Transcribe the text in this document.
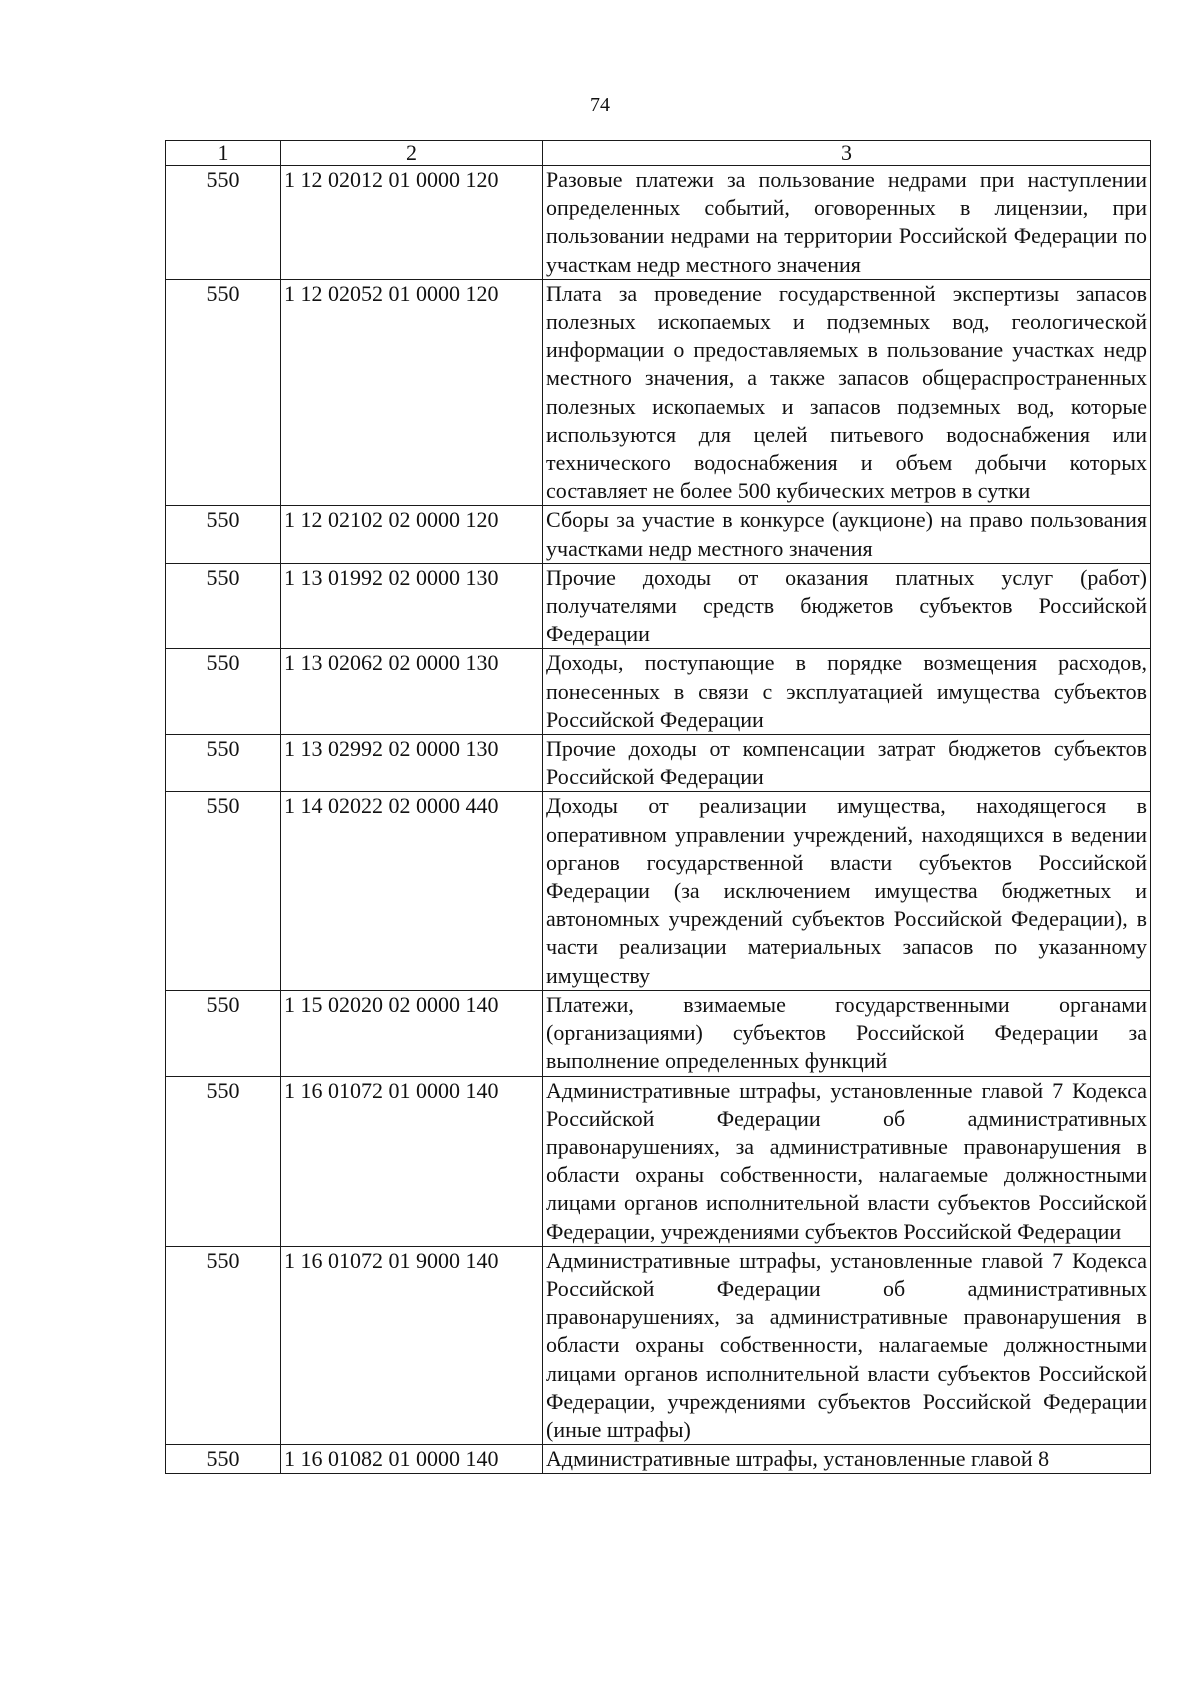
74
1	2	3
550	1 12 02012 01 0000 120	Разовые платежи за пользование недрами при наступлении определенных событий, оговоренных в лицензии, при пользовании недрами на территории Российской Федерации по участкам недр местного значения
550	1 12 02052 01 0000 120	Плата за проведение государственной экспертизы запасов полезных ископаемых и подземных вод, геологической информации о предоставляемых в пользование участках недр местного значения, а также запасов общераспространенных полезных ископаемых и запасов подземных вод, которые используются для целей питьевого водоснабжения или технического водоснабжения и объем добычи которых составляет не более 500 кубических метров в сутки
550	1 12 02102 02 0000 120	Сборы за участие в конкурсе (аукционе) на право пользования участками недр местного значения
550	1 13 01992 02 0000 130	Прочие доходы от оказания платных услуг (работ) получателями средств бюджетов субъектов Российской Федерации
550	1 13 02062 02 0000 130	Доходы, поступающие в порядке возмещения расходов, понесенных в связи с эксплуатацией имущества субъектов Российской Федерации
550	1 13 02992 02 0000 130	Прочие доходы от компенсации затрат бюджетов субъектов Российской Федерации
550	1 14 02022 02 0000 440	Доходы от реализации имущества, находящегося в оперативном управлении учреждений, находящихся в ведении органов государственной власти субъектов Российской Федерации (за исключением имущества бюджетных и автономных учреждений субъектов Российской Федерации), в части реализации материальных запасов по указанному имуществу
550	1 15 02020 02 0000 140	Платежи, взимаемые государственными органами (организациями) субъектов Российской Федерации за выполнение определенных функций
550	1 16 01072 01 0000 140	Административные штрафы, установленные главой 7 Кодекса Российской Федерации об административных правонарушениях, за административные правонарушения в области охраны собственности, налагаемые должностными лицами органов исполнительной власти субъектов Российской Федерации, учреждениями субъектов Российской Федерации
550	1 16 01072 01 9000 140	Административные штрафы, установленные главой 7 Кодекса Российской Федерации об административных правонарушениях, за административные правонарушения в области охраны собственности, налагаемые должностными лицами органов исполнительной власти субъектов Российской Федерации, учреждениями субъектов Российской Федерации (иные штрафы)
550	1 16 01082 01 0000 140	Административные штрафы, установленные главой 8
